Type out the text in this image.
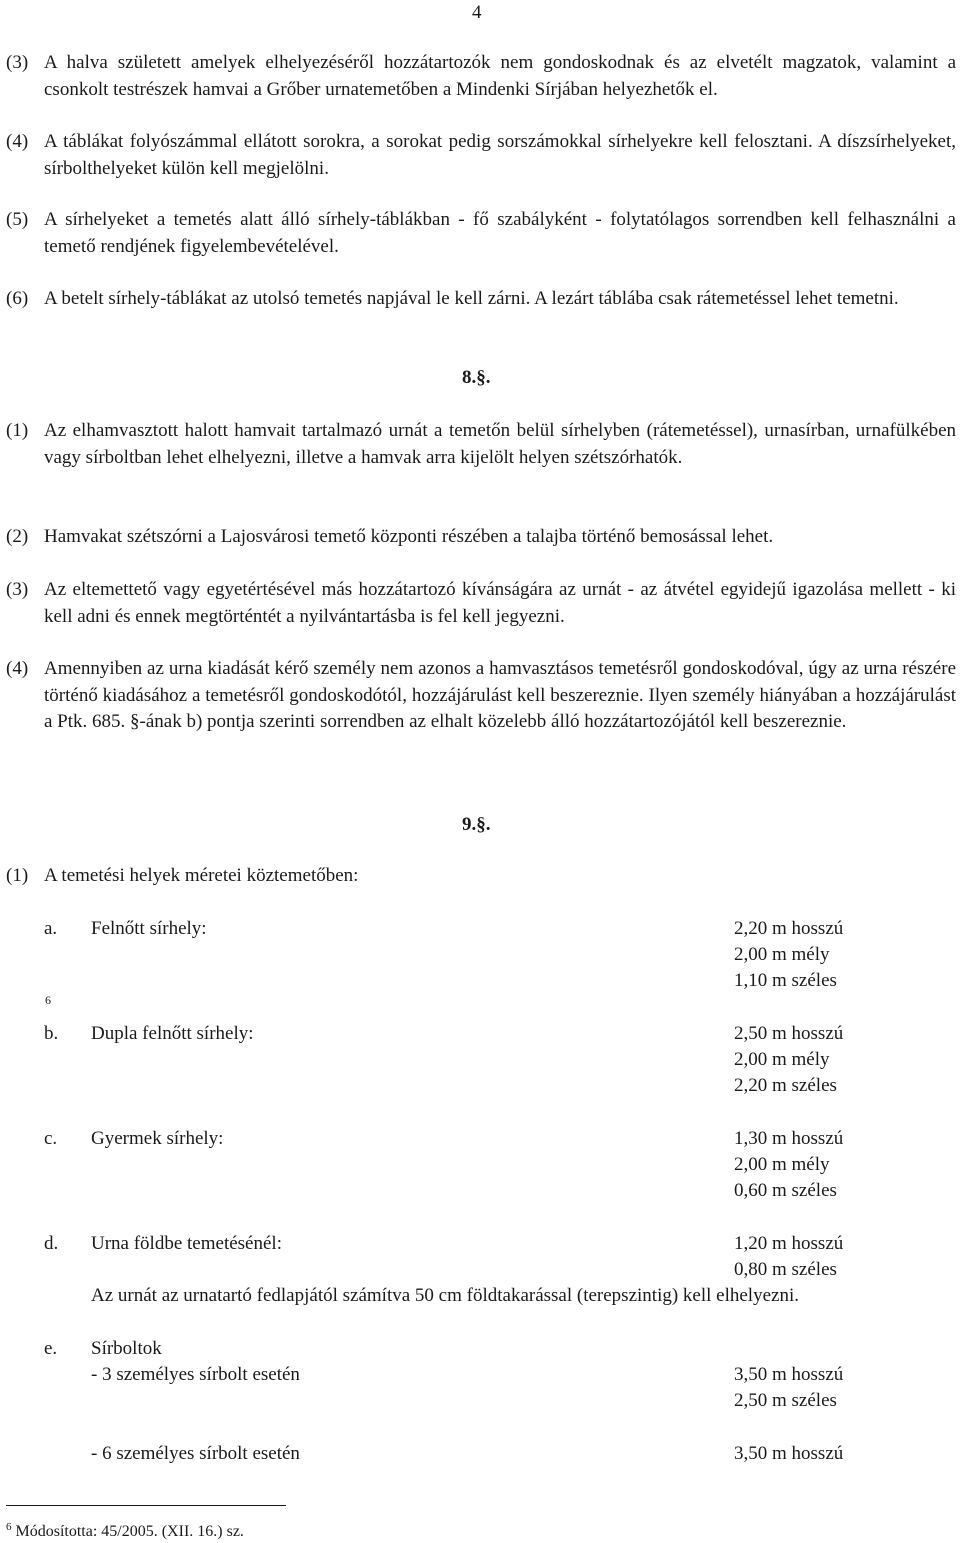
4
(3) A halva született amelyek elhelyezéséről hozzátartozók nem gondoskodnak és az elvetélt magzatok, valamint a csonkolt testrészek hamvai a Grőber urnatemetőben a Mindenki Sírjában helyezhetők el.
(4) A táblákat folyószámmal ellátott sorokra, a sorokat pedig sorszámokkal sírhelyekre kell felosztani. A díszsírhelyeket, sírbolthelyeket külön kell megjelölni.
(5) A sírhelyeket a temetés alatt álló sírhely-táblákban - fő szabályként - folytatólagos sorrendben kell felhasználni a temető rendjének figyelembevételével.
(6) A betelt sírhely-táblákat az utolsó temetés napjával le kell zárni. A lezárt táblába csak rátemetéssel lehet temetni.
8.§.
(1) Az elhamvasztott halott hamvait tartalmazó urnát a temetőn belül sírhelyben (rátemetéssel), urnasírban, urnafülkében vagy sírboltban lehet elhelyezni, illetve a hamvak arra kijelölt helyen szétszórhatók.
(2) Hamvakat szétszórni a Lajosvárosi temető központi részében a talajba történő bemosással lehet.
(3) Az eltemettető vagy egyetértésével más hozzátartozó kívánságára az urnát - az átvétel egyidejű igazolása mellett - ki kell adni és ennek megtörténtét a nyilvántartásba is fel kell jegyezni.
(4) Amennyiben az urna kiadását kérő személy nem azonos a hamvasztásos temetésről gondoskodóval, úgy az urna részére történő kiadásához a temetésről gondoskodótól, hozzájárulást kell beszereznie. Ilyen személy hiányában a hozzájárulást a Ptk. 685. §-ának b) pontja szerinti sorrendben az elhalt közelebb álló hozzátartozójától kell beszereznie.
9.§.
(1) A temetési helyek méretei köztemetőben:
a. Felnőtt sírhely:	2,20 m hosszú
2,00 m mély
1,10 m széles
6
b. Dupla felnőtt sírhely:	2,50 m hosszú
2,00 m mély
2,20 m széles
c. Gyermek sírhely:	1,30 m hosszú
2,00 m mély
0,60 m széles
d. Urna földbe temetésénél:	1,20 m hosszú
0,80 m széles
Az urnát az urnatartó fedlapjától számítva 50 cm földtakarással (terepszintig) kell elhelyezni.
e. Sírboltok
- 3 személyes sírbolt esetén	3,50 m hosszú
2,50 m széles
- 6 személyes sírbolt esetén	3,50 m hosszú
$^6$ Módosította: 45/2005. (XII. 16.) sz.
